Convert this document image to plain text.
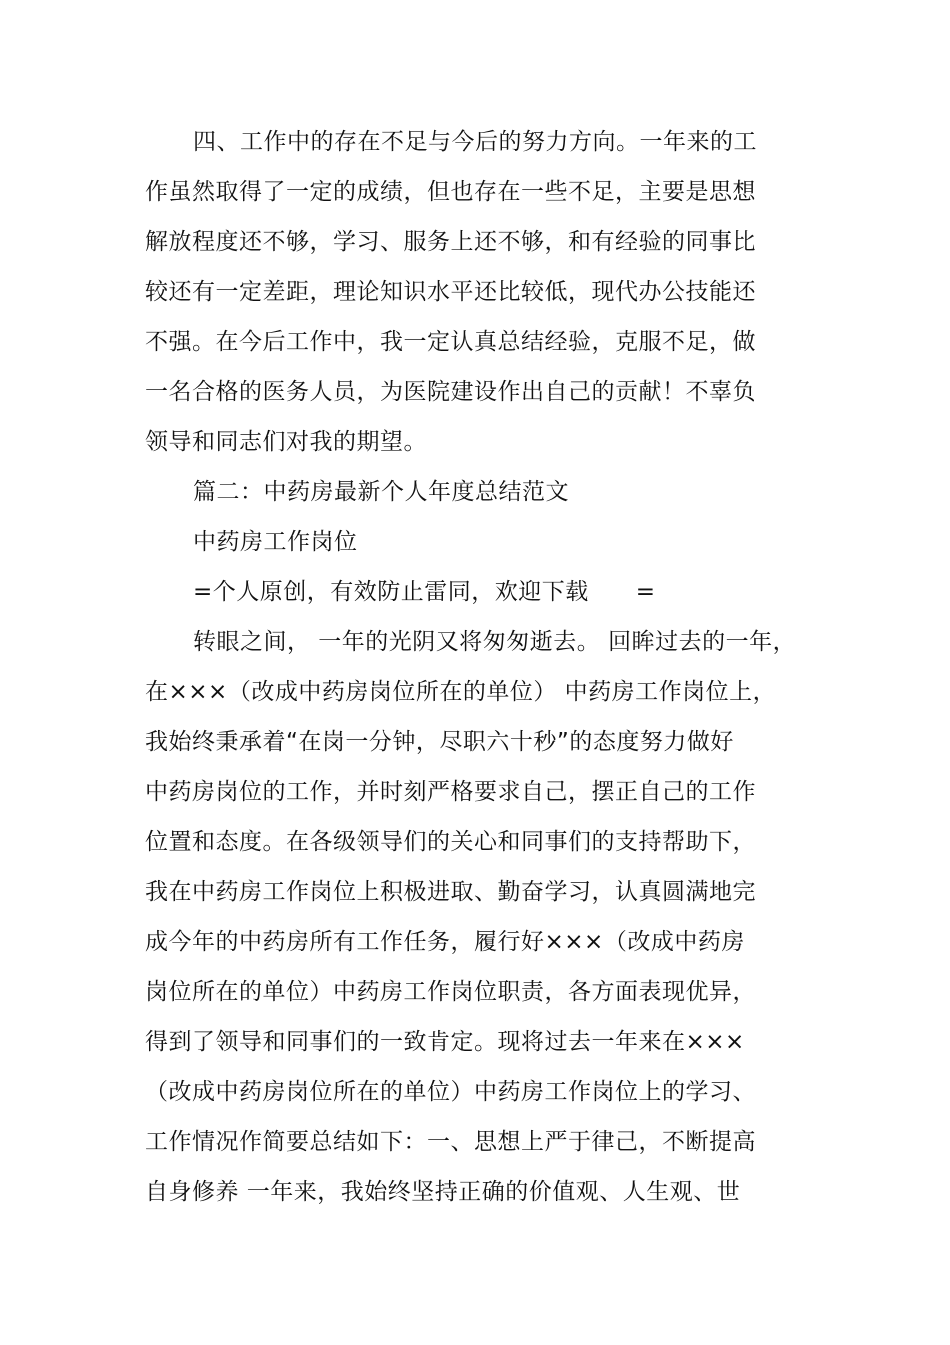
四、工作中的存在不足与今后的努力方向。一年来的工
作虽然取得了一定的成绩，但也存在一些不足，主要是思想
解放程度还不够，学习、服务上还不够，和有经验的同事比
较还有一定差距，理论知识水平还比较低，现代办公技能还
不强。在今后工作中，我一定认真总结经验，克服不足，做
一名合格的医务人员，为医院建设作出自己的贡献！不辜负
领导和同志们对我的期望。
篇二：中药房最新个人年度总结范文
中药房工作岗位
=个人原创，有效防止雷同，欢迎下载　　=
转眼之间， 一年的光阴又将匆匆逝去。 回眸过去的一年，
在×××（改成中药房岗位所在的单位） 中药房工作岗位上，
我始终秉承着“在岗一分钟，尽职六十秒”的态度努力做好
中药房岗位的工作，并时刻严格要求自己，摆正自己的工作
位置和态度。在各级领导们的关心和同事们的支持帮助下，
我在中药房工作岗位上积极进取、勤奋学习，认真圆满地完
成今年的中药房所有工作任务，履行好×××（改成中药房
岗位所在的单位）中药房工作岗位职责，各方面表现优异，
得到了领导和同事们的一致肯定。现将过去一年来在×××
（改成中药房岗位所在的单位）中药房工作岗位上的学习、
工作情况作简要总结如下：一、思想上严于律己，不断提高
自身修养 一年来，我始终坚持正确的价值观、人生观、世
